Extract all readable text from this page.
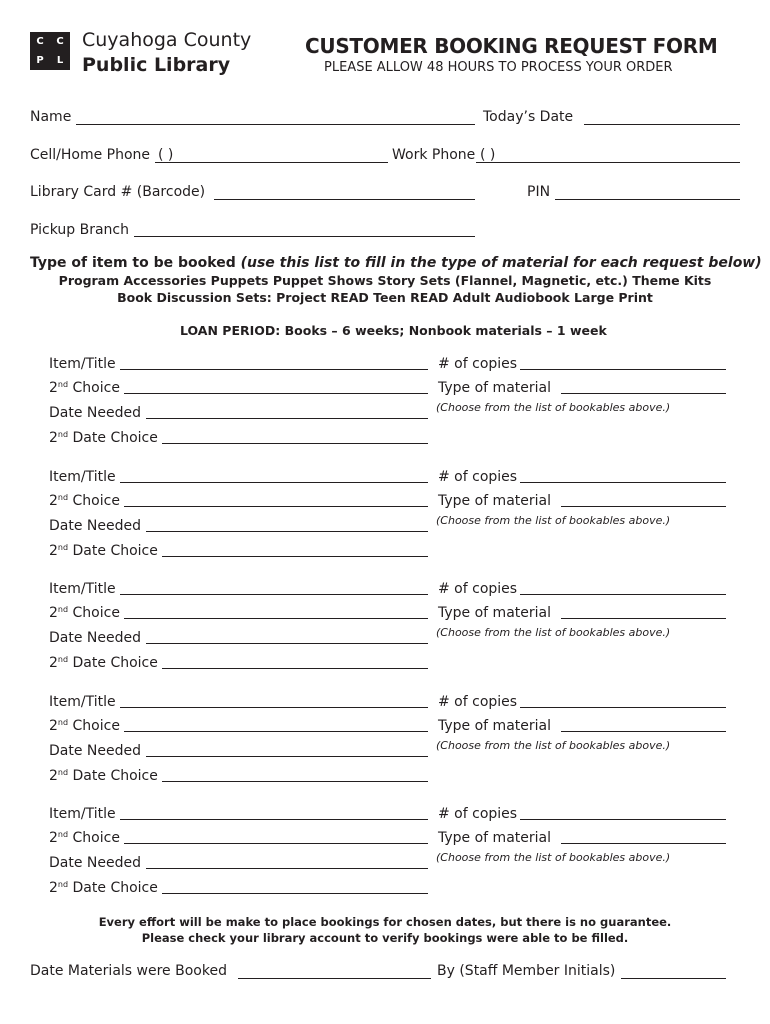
C C
P L
Cuyahoga County
Public Library
CUSTOMER BOOKING REQUEST FORM
PLEASE ALLOW 48 HOURS TO PROCESS YOUR ORDER
Name	Today’s Date
Cell/Home Phone ( )	Work Phone ( )
Library Card # (Barcode)	PIN
Pickup Branch
Type of item to be booked (use this list to fill in the type of material for each request below)
Program Accessories Puppets Puppet Shows Story Sets (Flannel, Magnetic, etc.) Theme Kits
Book Discussion Sets: Project READ Teen READ Adult Audiobook Large Print
LOAN PERIOD: Books – 6 weeks; Nonbook materials – 1 week
Item/Title	# of copies
2nd Choice	Type of material
Date Needed	(Choose from the list of bookables above.)
2nd Date Choice
Item/Title	# of copies
2nd Choice	Type of material
Date Needed	(Choose from the list of bookables above.)
2nd Date Choice
Item/Title	# of copies
2nd Choice	Type of material
Date Needed	(Choose from the list of bookables above.)
2nd Date Choice
Item/Title	# of copies
2nd Choice	Type of material
Date Needed	(Choose from the list of bookables above.)
2nd Date Choice
Item/Title	# of copies
2nd Choice	Type of material
Date Needed	(Choose from the list of bookables above.)
2nd Date Choice
Every effort will be make to place bookings for chosen dates, but there is no guarantee.
Please check your library account to verify bookings were able to be filled.
Date Materials were Booked	By (Staff Member Initials)
